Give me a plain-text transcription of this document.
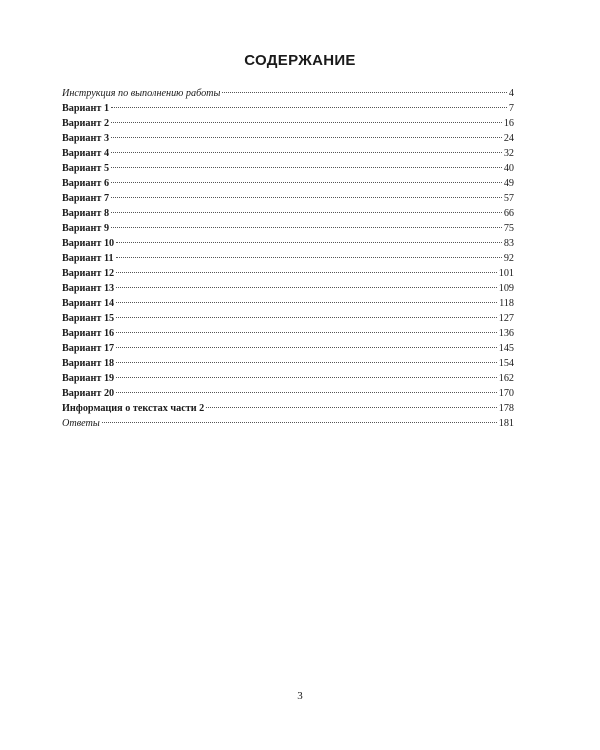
СОДЕРЖАНИЕ
Инструкция по выполнению работы	4
Вариант 1	7
Вариант 2	16
Вариант 3	24
Вариант 4	32
Вариант 5	40
Вариант 6	49
Вариант 7	57
Вариант 8	66
Вариант 9	75
Вариант 10	83
Вариант 11	92
Вариант 12	101
Вариант 13	109
Вариант 14	118
Вариант 15	127
Вариант 16	136
Вариант 17	145
Вариант 18	154
Вариант 19	162
Вариант 20	170
Информация о текстах части 2	178
Ответы	181
3
